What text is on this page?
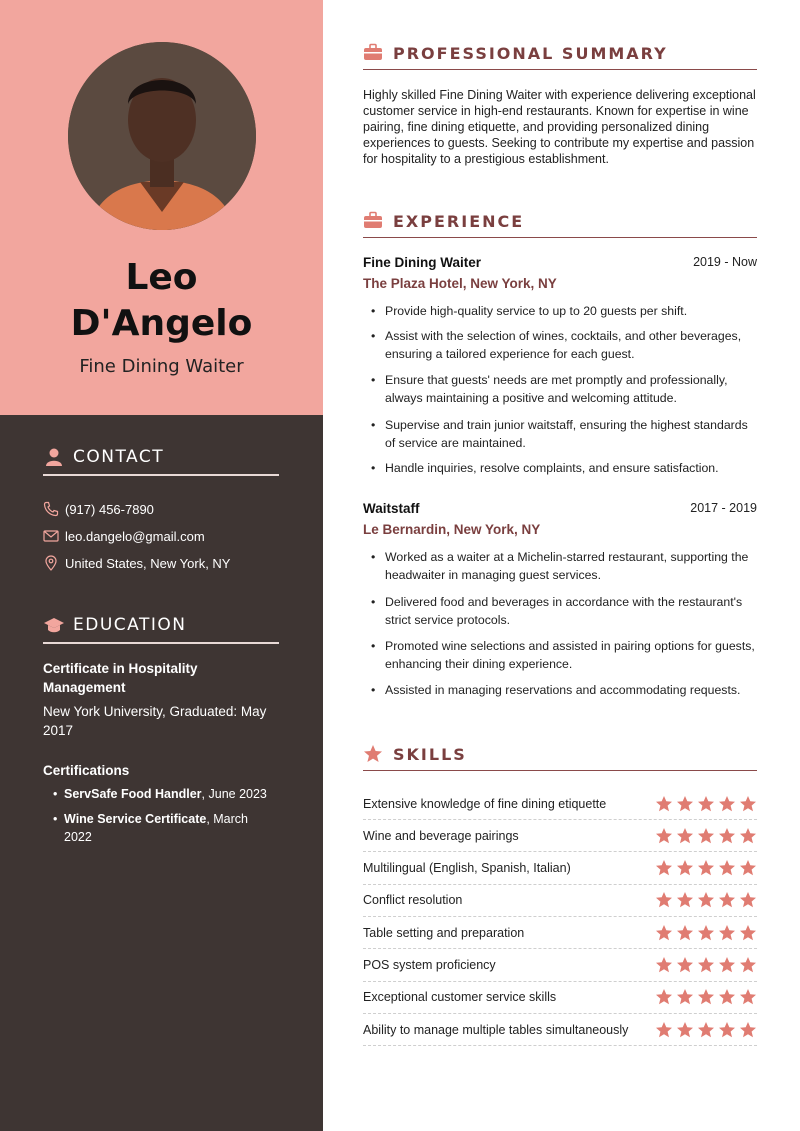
Leo
D'Angelo
Fine Dining Waiter
CONTACT
(917) 456-7890
leo.dangelo@gmail.com
United States, New York, NY
EDUCATION
Certificate in Hospitality Management
New York University, Graduated: May 2017
Certifications
• ServSafe Food Handler, June 2023
• Wine Service Certificate, March 2022
PROFESSIONAL SUMMARY
Highly skilled Fine Dining Waiter with experience delivering exceptional customer service in high-end restaurants. Known for expertise in wine pairing, fine dining etiquette, and providing personalized dining experiences to guests. Seeking to contribute my expertise and passion for hospitality to a prestigious establishment.
EXPERIENCE
Fine Dining Waiter	2019 - Now
The Plaza Hotel, New York, NY
• Provide high-quality service to up to 20 guests per shift.
• Assist with the selection of wines, cocktails, and other beverages, ensuring a tailored experience for each guest.
• Ensure that guests' needs are met promptly and professionally, always maintaining a positive and welcoming attitude.
• Supervise and train junior waitstaff, ensuring the highest standards of service are maintained.
• Handle inquiries, resolve complaints, and ensure satisfaction.
Waitstaff	2017 - 2019
Le Bernardin, New York, NY
• Worked as a waiter at a Michelin-starred restaurant, supporting the headwaiter in managing guest services.
• Delivered food and beverages in accordance with the restaurant's strict service protocols.
• Promoted wine selections and assisted in pairing options for guests, enhancing their dining experience.
• Assisted in managing reservations and accommodating requests.
SKILLS
Extensive knowledge of fine dining etiquette
Wine and beverage pairings
Multilingual (English, Spanish, Italian)
Conflict resolution
Table setting and preparation
POS system proficiency
Exceptional customer service skills
Ability to manage multiple tables simultaneously
